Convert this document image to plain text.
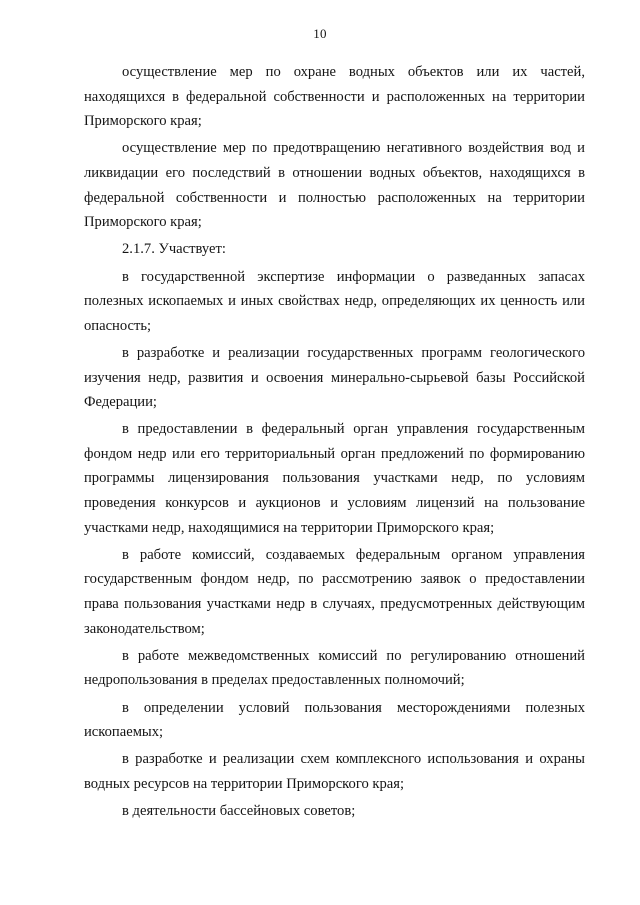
10

осуществление мер по охране водных объектов или их частей, находящихся в федеральной собственности и расположенных на территории Приморского края;

осуществление мер по предотвращению негативного воздействия вод и ликвидации его последствий в отношении водных объектов, находящихся в федеральной собственности и полностью расположенных на территории Приморского края;

2.1.7. Участвует:

в государственной экспертизе информации о разведанных запасах полезных ископаемых и иных свойствах недр, определяющих их ценность или опасность;

в разработке и реализации государственных программ геологического изучения недр, развития и освоения минерально-сырьевой базы Российской Федерации;

в предоставлении в федеральный орган управления государственным фондом недр или его территориальный орган предложений по формированию программы лицензирования пользования участками недр, по условиям проведения конкурсов и аукционов и условиям лицензий на пользование участками недр, находящимися на территории Приморского края;

в работе комиссий, создаваемых федеральным органом управления государственным фондом недр, по рассмотрению заявок о предоставлении права пользования участками недр в случаях, предусмотренных действующим законодательством;

в работе межведомственных комиссий по регулированию отношений недропользования в пределах предоставленных полномочий;

в определении условий пользования месторождениями полезных ископаемых;

в разработке и реализации схем комплексного использования и охраны водных ресурсов на территории Приморского края;

в деятельности бассейновых советов;
